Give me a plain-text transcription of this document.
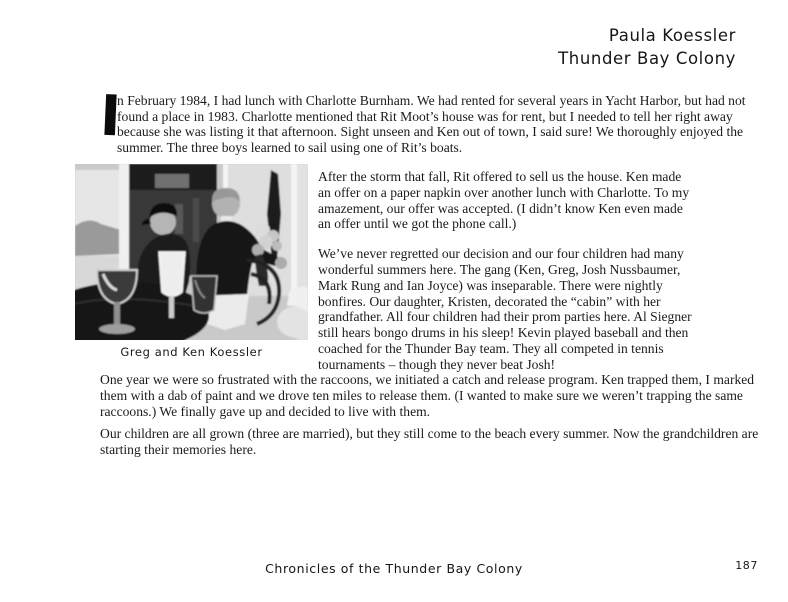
Paula Koessler
Thunder Bay Colony
I
n February 1984, I had lunch with Charlotte Burnham. We had rented for several years in Yacht Harbor, but had not found a place in 1983. Charlotte mentioned that Rit Moot’s house was for rent, but I needed to tell her right away because she was listing it that afternoon. Sight unseen and Ken out of town, I said sure! We thoroughly enjoyed the summer. The three boys learned to sail using one of Rit’s boats.
Greg and Ken Koessler

After the storm that fall, Rit offered to sell us the house. Ken made an offer on a paper napkin over another lunch with Charlotte. To my amazement, our offer was accepted. (I didn’t know Ken even made an offer until we got the phone call.)

We’ve never regretted our decision and our four children had many wonderful summers here. The gang (Ken, Greg, Josh Nussbaumer, Mark Rung and Ian Joyce) was inseparable. There were nightly bonfires. Our daughter, Kristen, decorated the “cabin” with her grandfather. All four children had their prom parties here. Al Siegner still hears bongo drums in his sleep! Kevin played baseball and then coached for the Thunder Bay team. They all competed in tennis tournaments – though they never beat Josh!

One year we were so frustrated with the raccoons, we initiated a catch and release program. Ken trapped them, I marked them with a dab of paint and we drove ten miles to release them. (I wanted to make sure we weren’t trapping the same raccoons.) We finally gave up and decided to live with them.
Our children are all grown (three are married), but they still come to the beach every summer. Now the grandchildren are starting their memories here.
Chronicles of the Thunder Bay Colony	187
